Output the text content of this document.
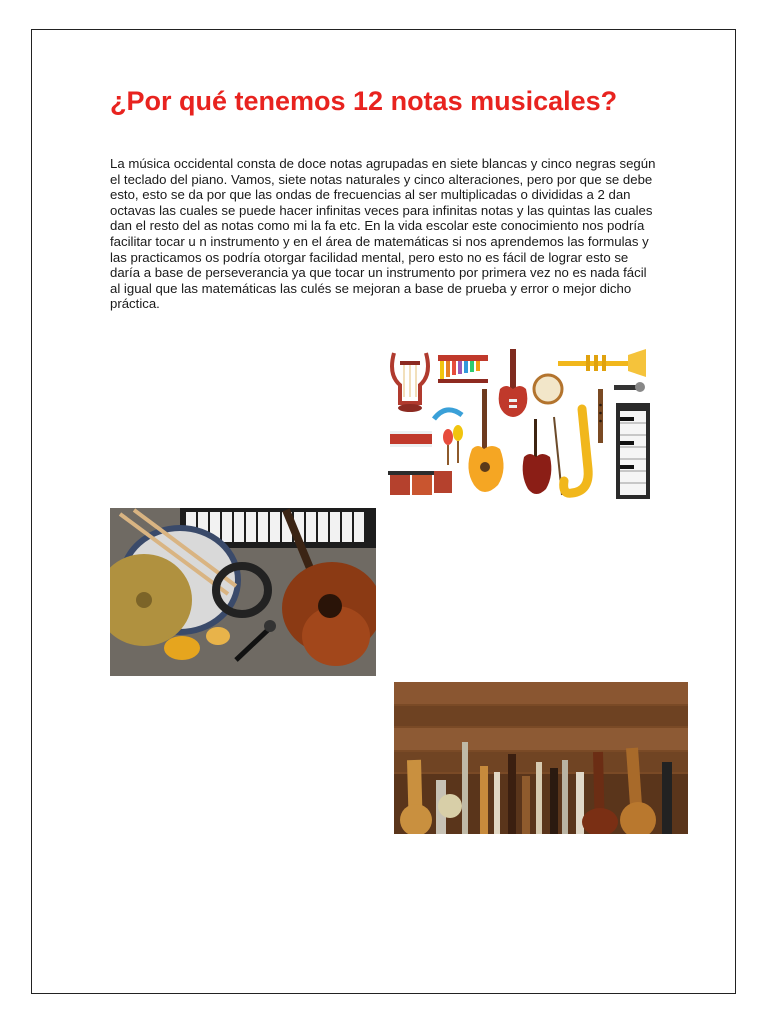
¿Por qué tenemos 12 notas musicales?

La música occidental consta de doce notas agrupadas en siete blancas y cinco negras según el teclado del piano. Vamos, siete notas naturales y cinco alteraciones, pero por que se debe esto, esto se da por que las ondas de frecuencias al ser multiplicadas o divididas a 2 dan octavas las cuales se puede hacer infinitas veces para infinitas notas y las quintas las cuales dan el resto del as notas como mi la fa etc. En la vida escolar este conocimiento nos podría facilitar tocar u n instrumento y en el área de matemáticas si nos aprendemos las formulas y las practicamos os podría otorgar facilidad mental, pero esto no es fácil de lograr esto se daría a base de perseverancia ya que tocar un instrumento por primera vez no es nada fácil al igual que las matemáticas las culés se mejoran a base de prueba y error o mejor dicho práctica.
